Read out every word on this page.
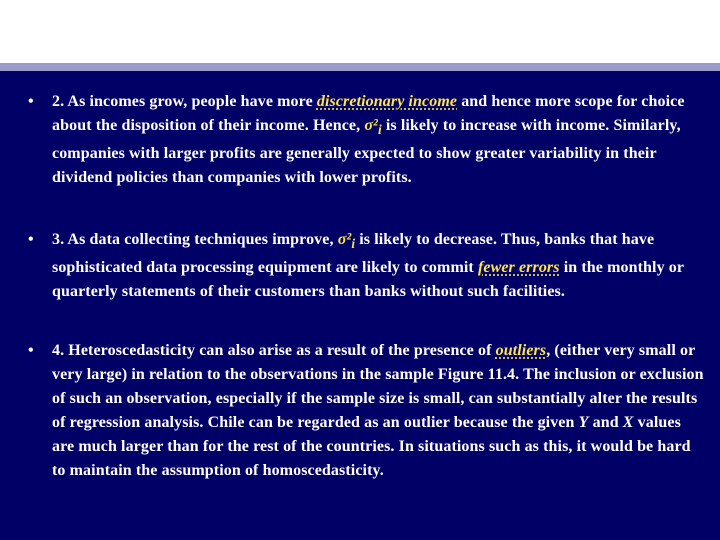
• 2. As incomes grow, people have more discretionary income and hence more scope for choice about the disposition of their income. Hence, $\sigma^2_i$ is likely to increase with income. Similarly, companies with larger profits are generally expected to show greater variability in their dividend policies than companies with lower profits.
• 3. As data collecting techniques improve, $\sigma^2_i$ is likely to decrease. Thus, banks that have sophisticated data processing equipment are likely to commit fewer errors in the monthly or quarterly statements of their customers than banks without such facilities.
• 4. Heteroscedasticity can also arise as a result of the presence of outliers, (either very small or very large) in relation to the observations in the sample Figure 11.4. The inclusion or exclusion of such an observation, especially if the sample size is small, can substantially alter the results of regression analysis. Chile can be regarded as an outlier because the given Y and X values are much larger than for the rest of the countries. In situations such as this, it would be hard to maintain the assumption of homoscedasticity.
